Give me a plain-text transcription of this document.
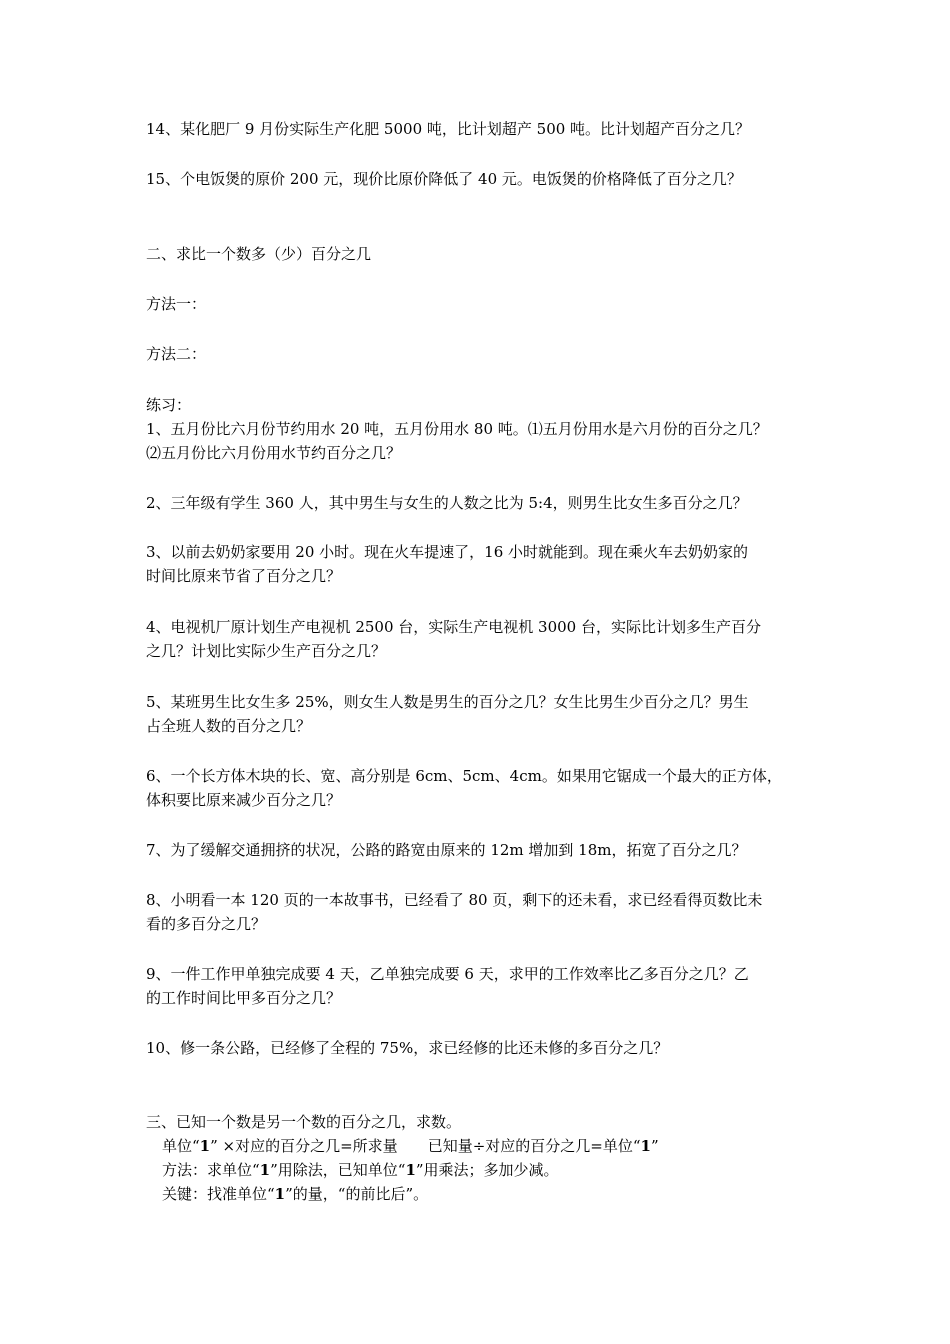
14、某化肥厂 9 月份实际生产化肥 5000 吨，比计划超产 500 吨。比计划超产百分之几？
15、个电饭煲的原价 200 元，现价比原价降低了 40 元。电饭煲的价格降低了百分之几？
二、求比一个数多（少）百分之几
方法一：
方法二：
练习：
1、五月份比六月份节约用水 20 吨，五月份用水 80 吨。⑴五月份用水是六月份的百分之几？
⑵五月份比六月份用水节约百分之几？
2、三年级有学生 360 人，其中男生与女生的人数之比为 5:4，则男生比女生多百分之几？
3、以前去奶奶家要用 20 小时。现在火车提速了，16 小时就能到。现在乘火车去奶奶家的
时间比原来节省了百分之几？
4、电视机厂原计划生产电视机 2500 台，实际生产电视机 3000 台，实际比计划多生产百分
之几？计划比实际少生产百分之几？
5、某班男生比女生多 25%，则女生人数是男生的百分之几？女生比男生少百分之几？男生
占全班人数的百分之几？
6、一个长方体木块的长、宽、高分别是 6cm、5cm、4cm。如果用它锯成一个最大的正方体，
体积要比原来减少百分之几？
7、为了缓解交通拥挤的状况，公路的路宽由原来的 12m 增加到 18m，拓宽了百分之几？
8、小明看一本 120 页的一本故事书，已经看了 80 页，剩下的还未看，求已经看得页数比未
看的多百分之几？
9、一件工作甲单独完成要 4 天，乙单独完成要 6 天，求甲的工作效率比乙多百分之几？乙
的工作时间比甲多百分之几？
10、修一条公路，已经修了全程的 75%，求已经修的比还未修的多百分之几？
三、已知一个数是另一个数的百分之几，求数。
单位“1” ×对应的百分之几=所求量 已知量÷对应的百分之几=单位“1”
方法：求单位“1”用除法，已知单位“1”用乘法；多加少减。
关键：找准单位“1”的量，“的前比后”。
